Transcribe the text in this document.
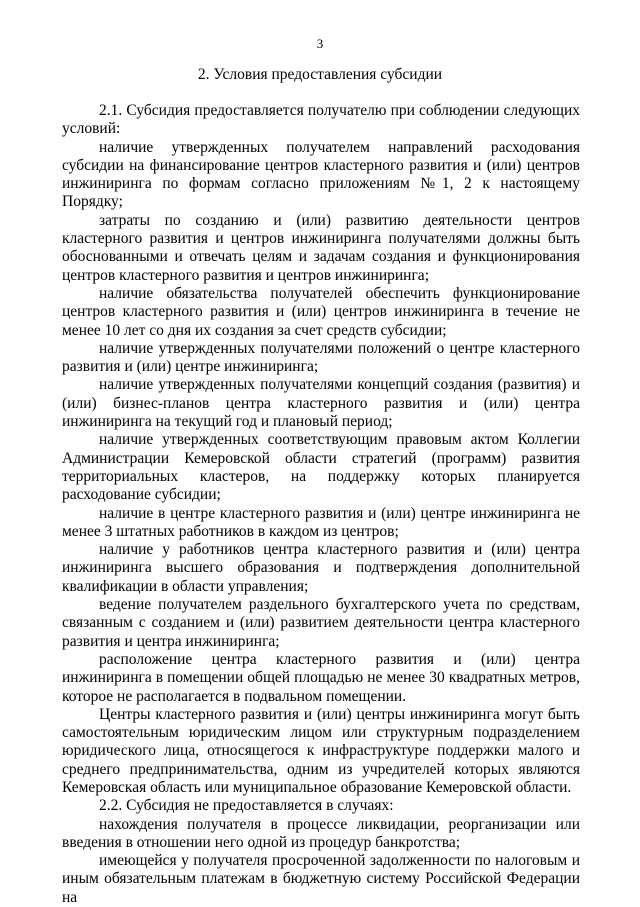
3
2. Условия предоставления субсидии

2.1. Субсидия предоставляется получателю при соблюдении следующих условий:

наличие утвержденных получателем направлений расходования субсидии на финансирование центров кластерного развития и (или) центров инжиниринга по формам согласно приложениям №1, 2 к настоящему Порядку;

затраты по созданию и (или) развитию деятельности центров кластерного развития и центров инжиниринга получателями должны быть обоснованными и отвечать целям и задачам создания и функционирования центров кластерного развития и центров инжиниринга;

наличие обязательства получателей обеспечить функционирование центров кластерного развития и (или) центров инжиниринга в течение не менее 10 лет со дня их создания за счет средств субсидии;

наличие утвержденных получателями положений о центре кластерного развития и (или) центре инжиниринга;

наличие утвержденных получателями концепций создания (развития) и (или) бизнес-планов центра кластерного развития и (или) центра инжиниринга на текущий год и плановый период;

наличие утвержденных соответствующим правовым актом Коллегии Администрации Кемеровской области стратегий (программ) развития территориальных кластеров, на поддержку которых планируется расходование субсидии;

наличие в центре кластерного развития и (или) центре инжиниринга не менее 3 штатных работников в каждом из центров;

наличие у работников центра кластерного развития и (или) центра инжиниринга высшего образования и подтверждения дополнительной квалификации в области управления;

ведение получателем раздельного бухгалтерского учета по средствам, связанным с созданием и (или) развитием деятельности центра кластерного развития и центра инжиниринга;

расположение центра кластерного развития и (или) центра инжиниринга в помещении общей площадью не менее 30 квадратных метров, которое не располагается в подвальном помещении.

Центры кластерного развития и (или) центры инжиниринга могут быть самостоятельным юридическим лицом или структурным подразделением юридического лица, относящегося к инфраструктуре поддержки малого и среднего предпринимательства, одним из учредителей которых являются Кемеровская область или муниципальное образование Кемеровской области.

2.2. Субсидия не предоставляется в случаях:

нахождения получателя в процессе ликвидации, реорганизации или введения в отношении него одной из процедур банкротства;

имеющейся у получателя просроченной задолженности по налоговым и иным обязательным платежам в бюджетную систему Российской Федерации на
